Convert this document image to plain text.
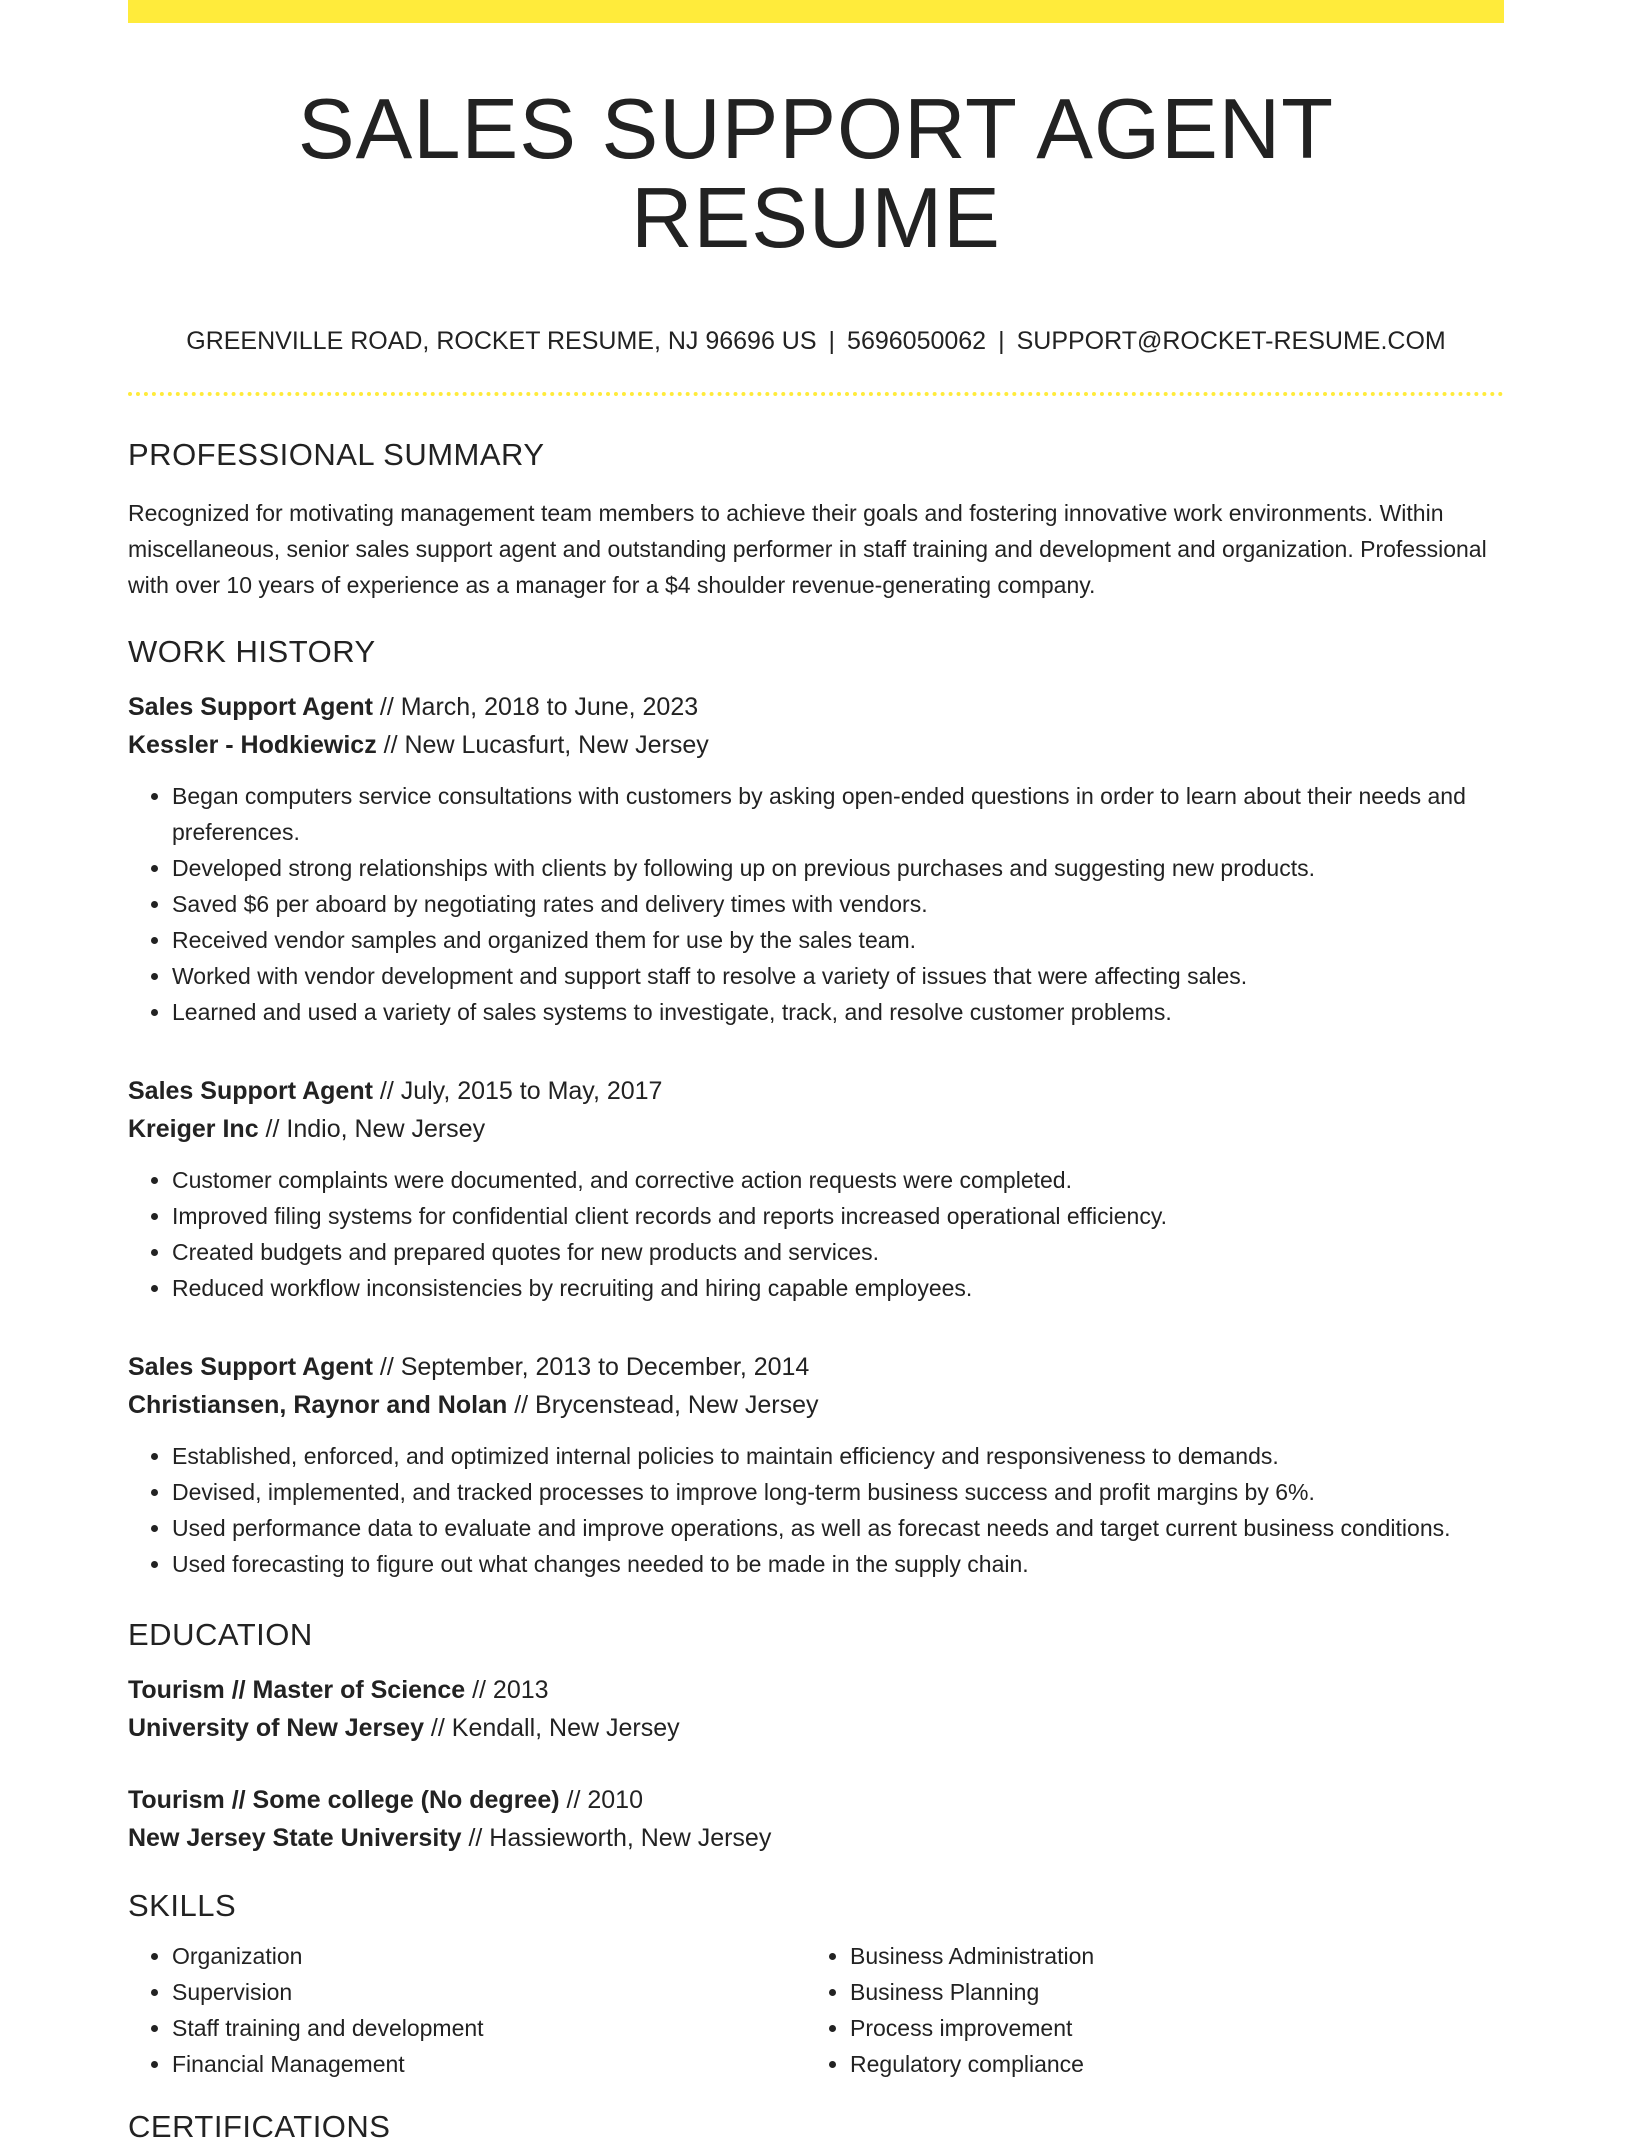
SALES SUPPORT AGENT RESUME
GREENVILLE ROAD, ROCKET RESUME, NJ 96696 US | 5696050062 | SUPPORT@ROCKET-RESUME.COM
PROFESSIONAL SUMMARY

Recognized for motivating management team members to achieve their goals and fostering innovative work environments. Within miscellaneous, senior sales support agent and outstanding performer in staff training and development and organization. Professional with over 10 years of experience as a manager for a $4 shoulder revenue-generating company.

WORK HISTORY
Sales Support Agent // March, 2018 to June, 2023
Kessler - Hodkiewicz // New Lucasfurt, New Jersey
• Began computers service consultations with customers by asking open-ended questions in order to learn about their needs and preferences.
• Developed strong relationships with clients by following up on previous purchases and suggesting new products.
• Saved $6 per aboard by negotiating rates and delivery times with vendors.
• Received vendor samples and organized them for use by the sales team.
• Worked with vendor development and support staff to resolve a variety of issues that were affecting sales.
• Learned and used a variety of sales systems to investigate, track, and resolve customer problems.
Sales Support Agent // July, 2015 to May, 2017
Kreiger Inc // Indio, New Jersey
• Customer complaints were documented, and corrective action requests were completed.
• Improved filing systems for confidential client records and reports increased operational efficiency.
• Created budgets and prepared quotes for new products and services.
• Reduced workflow inconsistencies by recruiting and hiring capable employees.
Sales Support Agent // September, 2013 to December, 2014
Christiansen, Raynor and Nolan // Brycenstead, New Jersey
• Established, enforced, and optimized internal policies to maintain efficiency and responsiveness to demands.
• Devised, implemented, and tracked processes to improve long-term business success and profit margins by 6%.
• Used performance data to evaluate and improve operations, as well as forecast needs and target current business conditions.
• Used forecasting to figure out what changes needed to be made in the supply chain.
EDUCATION
Tourism // Master of Science // 2013
University of New Jersey // Kendall, New Jersey
Tourism // Some college (No degree) // 2010
New Jersey State University // Hassieworth, New Jersey
SKILLS
• Organization
• Supervision
• Staff training and development
• Financial Management
• Business Administration
• Business Planning
• Process improvement
• Regulatory compliance
CERTIFICATIONS
